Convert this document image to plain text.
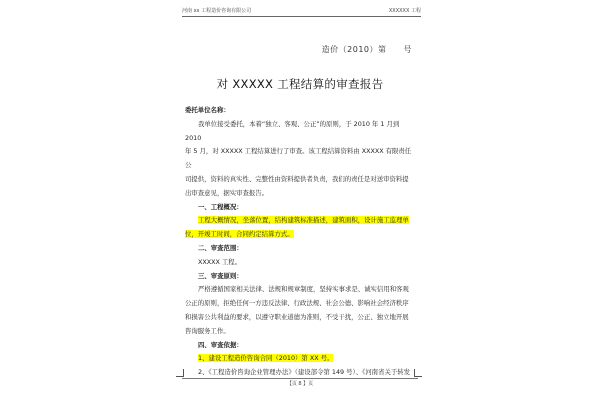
河南 xx 工程造价咨询有限公司	XXXXXX 工程
造价（2010）第　　号
对 XXXXX 工程结算的审查报告

委托单位名称：

我单位接受委托，本着“独立、客观、公正”的原则，于 2010 年 1 月到 2010

年 5 月，对 XXXXX 工程结算进行了审查。该工程结算资料由 XXXXX 有限责任公

司提供，资料的真实性、完整性由资料提供者负责，我们的责任是对送审资料提

出审查意见，据实审查报告。

一、工程概况：

工程大概情况，坐落位置，结构建筑标准描述，建筑面积，设计施工监理单

位，开竣工时间，合同约定结算方式。

二、审查范围：

XXXXX 工程。

三、审查原则：

严格遵循国家相关法律、法规和规章制度，坚持实事求是、诚实信用和客观

公正的原则，拒绝任何一方违反法律、行政法规、社会公德、影响社会经济秩序

和损害公共利益的要求，以遵守职业道德为准则，不受干扰，公正、独立地开展

咨询服务工作。

四、审查依据：

1、建设工程造价咨询合同（2010）第 XX 号。

2、《工程造价咨询企业管理办法》（建设部令第 149 号）、《河南省关于转发

【页 8 】页
